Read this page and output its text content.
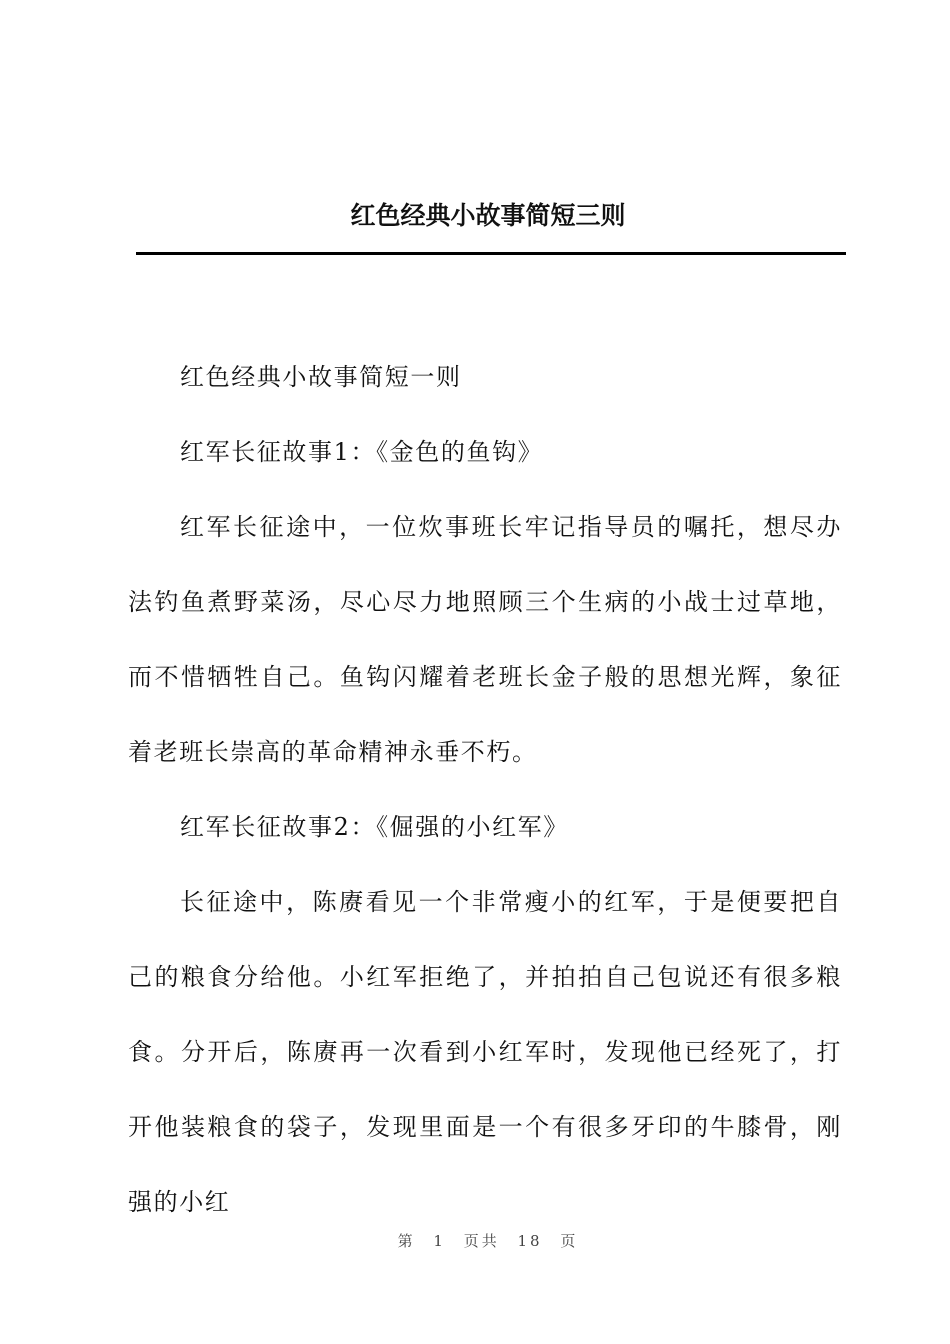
红色经典小故事简短三则

红色经典小故事简短一则

红军长征故事1：《金色的鱼钩》

红军长征途中，一位炊事班长牢记指导员的嘱托，想尽办法钓鱼煮野菜汤，尽心尽力地照顾三个生病的小战士过草地，而不惜牺牲自己。鱼钩闪耀着老班长金子般的思想光辉，象征着老班长崇高的革命精神永垂不朽。

红军长征故事2：《倔强的小红军》

长征途中，陈赓看见一个非常瘦小的红军，于是便要把自己的粮食分给他。小红军拒绝了，并拍拍自己包说还有很多粮食。分开后，陈赓再一次看到小红军时，发现他已经死了，打开他装粮食的袋子，发现里面是一个有很多牙印的牛膝骨，刚强的小红

第 1 页共 18 页
